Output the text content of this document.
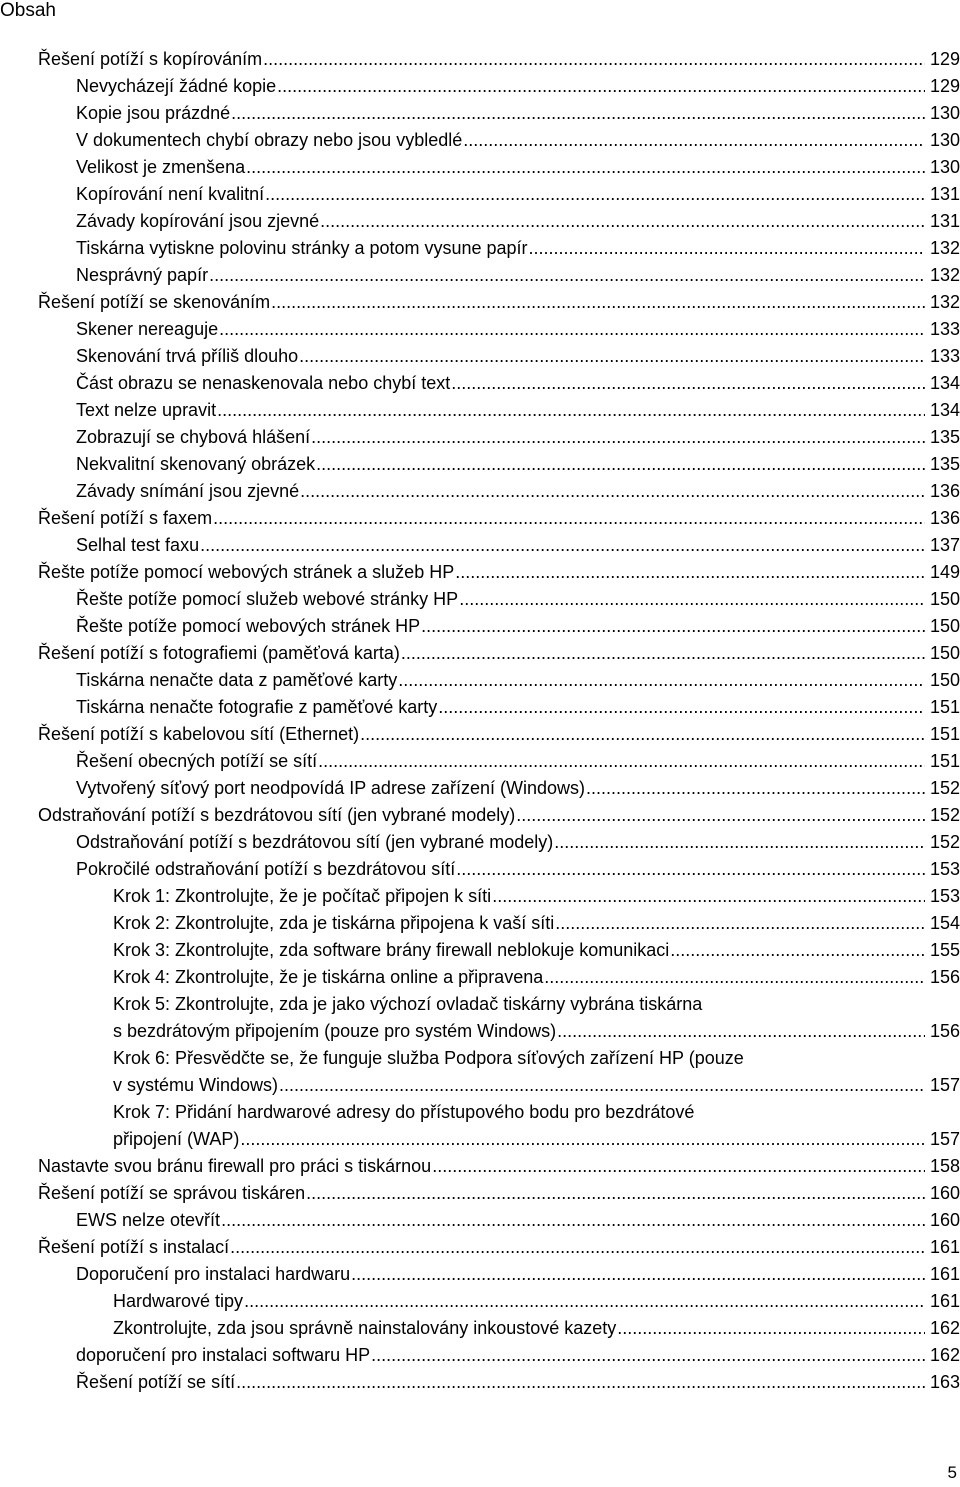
Obsah
Řešení potíží s kopírováním .....	129
Nevycházejí žádné kopie .....	129
Kopie jsou prázdné .....	130
V dokumentech chybí obrazy nebo jsou vybledlé .....	130
Velikost je zmenšena .....	130
Kopírování není kvalitní .....	131
Závady kopírování jsou zjevné .....	131
Tiskárna vytiskne polovinu stránky a potom vysune papír .....	132
Nesprávný papír .....	132
Řešení potíží se skenováním .....	132
Skener nereaguje .....	133
Skenování trvá příliš dlouho .....	133
Část obrazu se nenaskenovala nebo chybí text .....	134
Text nelze upravit .....	134
Zobrazují se chybová hlášení .....	135
Nekvalitní skenovaný obrázek .....	135
Závady snímání jsou zjevné .....	136
Řešení potíží s faxem .....	136
Selhal test faxu .....	137
Řešte potíže pomocí webových stránek a služeb HP .....	149
Řešte potíže pomocí služeb webové stránky HP .....	150
Řešte potíže pomocí webových stránek HP .....	150
Řešení potíží s fotografiemi (paměťová karta) .....	150
Tiskárna nenačte data z paměťové karty .....	150
Tiskárna nenačte fotografie z paměťové karty .....	151
Řešení potíží s kabelovou sítí (Ethernet) .....	151
Řešení obecných potíží se sítí .....	151
Vytvořený síťový port neodpovídá IP adrese zařízení (Windows) .....	152
Odstraňování potíží s bezdrátovou sítí (jen vybrané modely) .....	152
Odstraňování potíží s bezdrátovou sítí (jen vybrané modely) .....	152
Pokročilé odstraňování potíží s bezdrátovou sítí .....	153
Krok 1: Zkontrolujte, že je počítač připojen k síti .....	153
Krok 2: Zkontrolujte, zda je tiskárna připojena k vaší síti .....	154
Krok 3: Zkontrolujte, zda software brány firewall neblokuje komunikaci .....	155
Krok 4: Zkontrolujte, že je tiskárna online a připravena .....	156
Krok 5: Zkontrolujte, zda je jako výchozí ovladač tiskárny vybrána tiskárna
s bezdrátovým připojením (pouze pro systém Windows) .....	156
Krok 6: Přesvědčte se, že funguje služba Podpora síťových zařízení HP (pouze
v systému Windows) .....	157
Krok 7: Přidání hardwarové adresy do přístupového bodu pro bezdrátové
připojení (WAP) .....	157
Nastavte svou bránu firewall pro práci s tiskárnou .....	158
Řešení potíží se správou tiskáren .....	160
EWS nelze otevřít .....	160
Řešení potíží s instalací .....	161
Doporučení pro instalaci hardwaru .....	161
Hardwarové tipy .....	161
Zkontrolujte, zda jsou správně nainstalovány inkoustové kazety .....	162
doporučení pro instalaci softwaru HP .....	162
Řešení potíží se sítí .....	163
5
